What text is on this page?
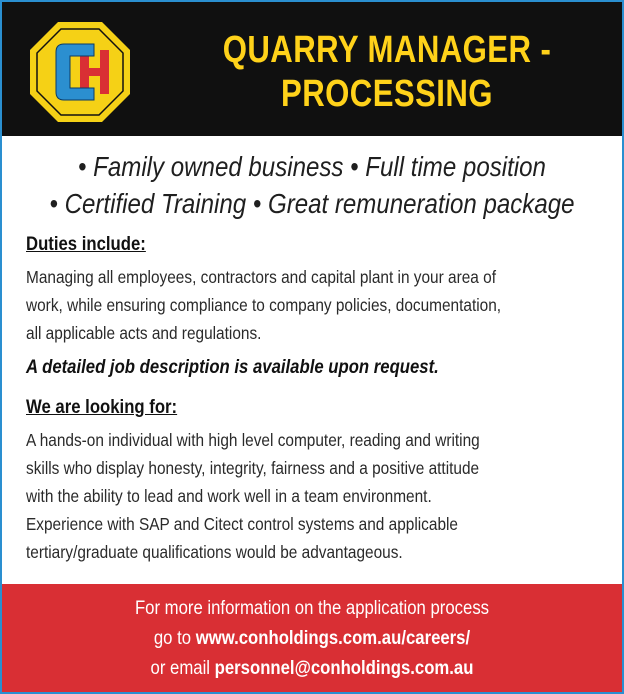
QUARRY MANAGER -
PROCESSING
• Family owned business • Full time position
• Certified Training • Great remuneration package
Duties include:
Managing all employees, contractors and capital plant in your area of
work, while ensuring compliance to company policies, documentation,
all applicable acts and regulations.
A detailed job description is available upon request.
We are looking for:
A hands-on individual with high level computer, reading and writing
skills who display honesty, integrity, fairness and a positive attitude
with the ability to lead and work well in a team environment.
Experience with SAP and Citect control systems and applicable
tertiary/graduate qualifications would be advantageous.
For more information on the application process
go to www.conholdings.com.au/careers/
or email personnel@conholdings.com.au
